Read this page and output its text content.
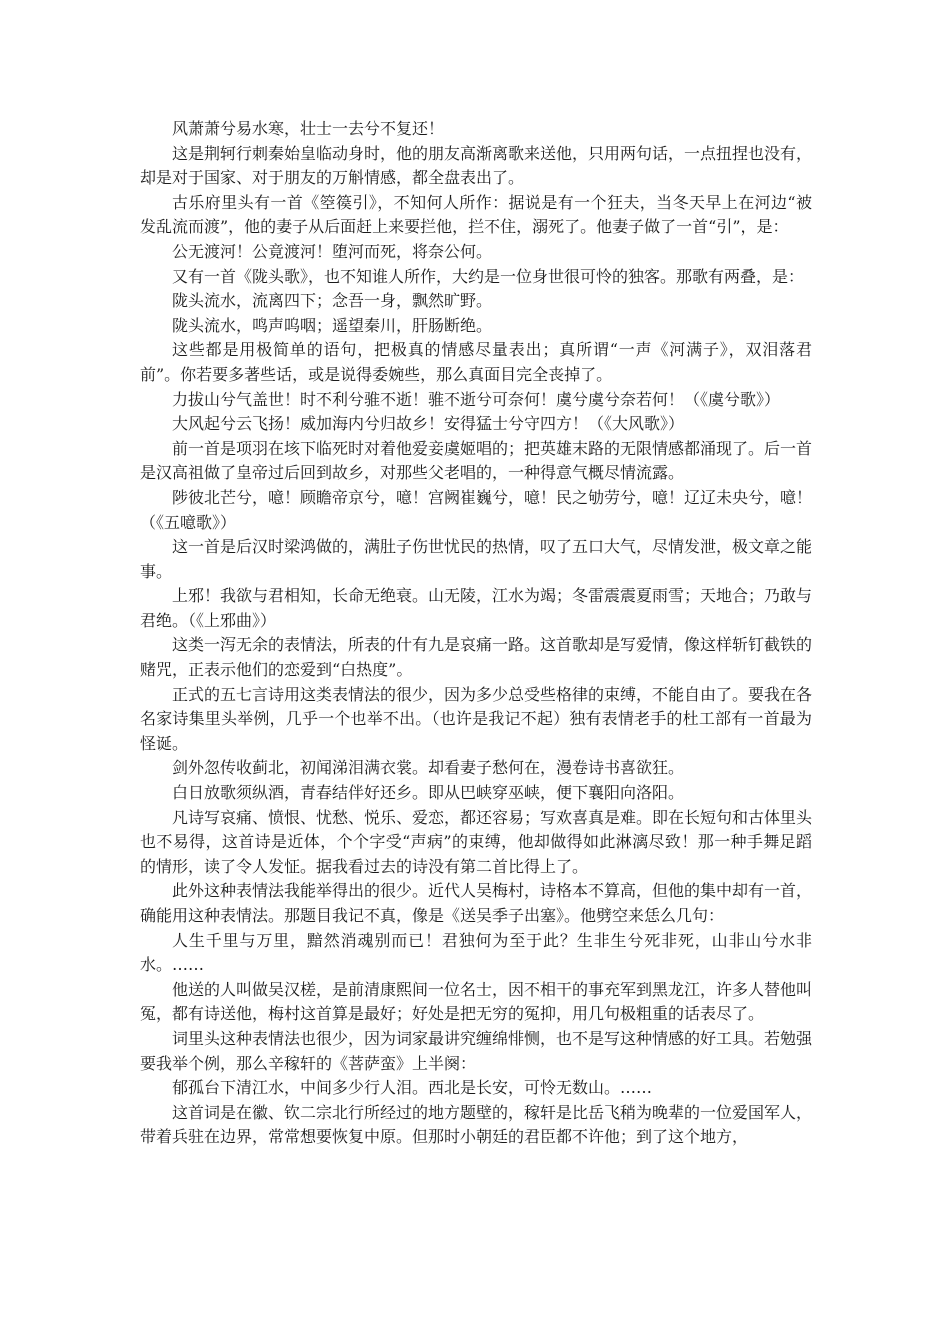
风萧萧兮易水寒，壮士一去兮不复还！

这是荆轲行刺秦始皇临动身时，他的朋友高渐离歌来送他，只用两句话，一点扭捏也没有，却是对于国家、对于朋友的万斛情感，都全盘表出了。

古乐府里头有一首《箜篌引》，不知何人所作：据说是有一个狂夫，当冬天早上在河边“被发乱流而渡”，他的妻子从后面赶上来要拦他，拦不住，溺死了。他妻子做了一首“引”，是：

公无渡河！公竟渡河！堕河而死，将奈公何。

又有一首《陇头歌》，也不知谁人所作，大约是一位身世很可怜的独客。那歌有两叠，是：

陇头流水，流离四下；念吾一身，飘然旷野。

陇头流水，鸣声呜咽；遥望秦川，肝肠断绝。

这些都是用极简单的语句，把极真的情感尽量表出；真所谓“一声《河满子》，双泪落君前”。你若要多著些话，或是说得委婉些，那么真面目完全丧掉了。

力拔山兮气盖世！时不利兮骓不逝！骓不逝兮可奈何！虞兮虞兮奈若何！（《虞兮歌》）

大风起兮云飞扬！威加海内兮归故乡！安得猛士兮守四方！（《大风歌》）

前一首是项羽在垓下临死时对着他爱妾虞姬唱的；把英雄末路的无限情感都涌现了。后一首是汉高祖做了皇帝过后回到故乡，对那些父老唱的，一种得意气概尽情流露。

陟彼北芒兮，噫！顾瞻帝京兮，噫！宫阙崔巍兮，噫！民之劬劳兮，噫！辽辽未央兮，噫！（《五噫歌》）

这一首是后汉时梁鸿做的，满肚子伤世忧民的热情，叹了五口大气，尽情发泄，极文章之能事。

上邪！我欲与君相知，长命无绝衰。山无陵，江水为竭；冬雷震震夏雨雪；天地合；乃敢与君绝。（《上邪曲》）

这类一泻无余的表情法，所表的什有九是哀痛一路。这首歌却是写爱情，像这样斩钉截铁的赌咒，正表示他们的恋爱到“白热度”。

正式的五七言诗用这类表情法的很少，因为多少总受些格律的束缚，不能自由了。要我在各名家诗集里头举例，几乎一个也举不出。（也许是我记不起）独有表情老手的杜工部有一首最为怪诞。

剑外忽传收蓟北，初闻涕泪满衣裳。却看妻子愁何在，漫卷诗书喜欲狂。

白日放歌须纵酒，青春结伴好还乡。即从巴峡穿巫峡，便下襄阳向洛阳。

凡诗写哀痛、愤恨、忧愁、悦乐、爱恋，都还容易；写欢喜真是难。即在长短句和古体里头也不易得，这首诗是近体，个个字受“声病”的束缚，他却做得如此淋漓尽致！那一种手舞足蹈的情形，读了令人发怔。据我看过去的诗没有第二首比得上了。

此外这种表情法我能举得出的很少。近代人吴梅村，诗格本不算高，但他的集中却有一首，确能用这种表情法。那题目我记不真，像是《送吴季子出塞》。他劈空来恁么几句：

人生千里与万里，黯然消魂别而已！君独何为至于此？生非生兮死非死，山非山兮水非水。……

他送的人叫做吴汉槎，是前清康熙间一位名士，因不相干的事充军到黑龙江，许多人替他叫冤，都有诗送他，梅村这首算是最好；好处是把无穷的冤抑，用几句极粗重的话表尽了。

词里头这种表情法也很少，因为词家最讲究缠绵悱恻，也不是写这种情感的好工具。若勉强要我举个例，那么辛稼轩的《菩萨蛮》上半阕：

郁孤台下清江水，中间多少行人泪。西北是长安，可怜无数山。……

这首词是在徽、钦二宗北行所经过的地方题壁的，稼轩是比岳飞稍为晚辈的一位爱国军人，带着兵驻在边界，常常想要恢复中原。但那时小朝廷的君臣都不许他；到了这个地方，
